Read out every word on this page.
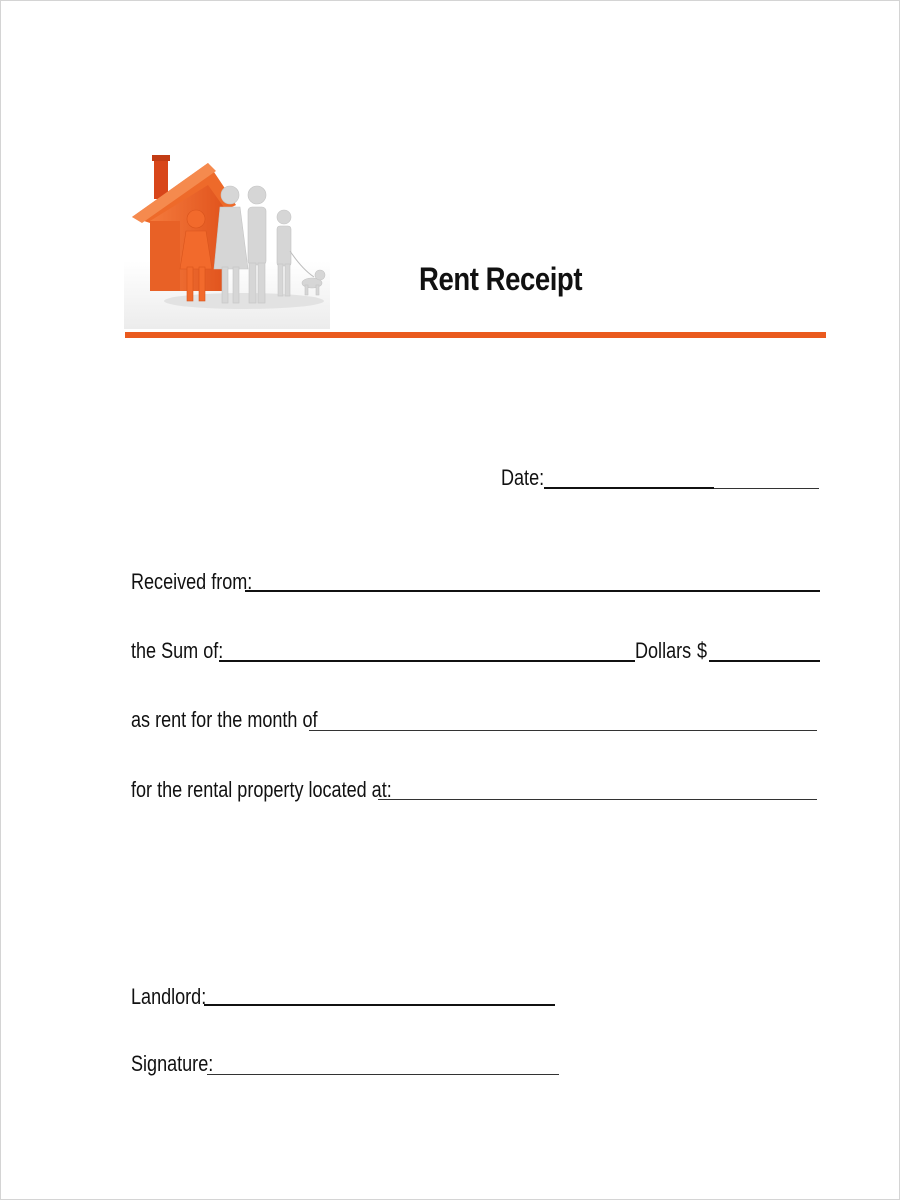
Rent Receipt
Date:
Received from:
the Sum of:	Dollars $
as rent for the month of
for the rental property located at:
Landlord:
Signature:
